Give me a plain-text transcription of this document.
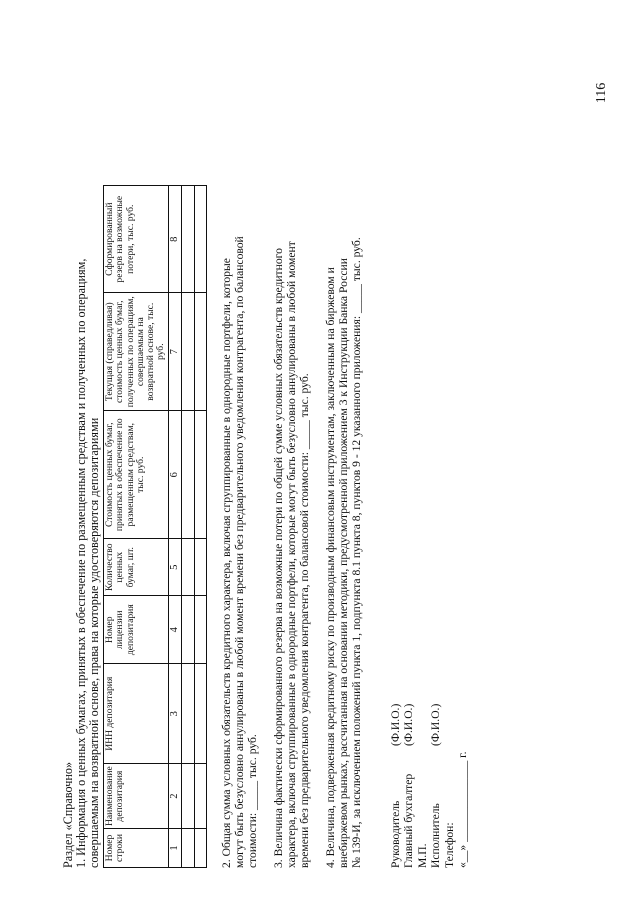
116
Раздел «Справочно» 1. Информация о ценных бумагах, принятых в обеспечение по размещенным средствам и полученных по операциям, совершаемым на возвратной основе, права на которые удостоверяются депозитариями Номер строки	Наименование депозитария	ИНН депозитария	Номер лицензии депозитария	Количество ценных бумаг, шт.	Стоимость ценных бумаг, принятых в обеспечение по размещенным средствам, тыс. руб.	Текущая (справедливая) стоимость ценных бумаг, полученных по операциям, совершаемым на возвратной основе, тыс. руб.	Сформированный резерв на возможные потери, тыс. руб.
1	2	3	4	5	6	7	8

2. Общая сумма условных обязательств кредитного характера, включая сгруппированные в однородные портфели, которые могут быть безусловно аннулированы в любой момент времени без предварительного уведомления контрагента, по балансовой стоимости: _____ тыс. руб. 3. Величина фактически сформированного резерва на возможные потери по общей сумме условных обязательств кредитного характера, включая сгруппированные в однородные портфели, которые могут быть безусловно аннулированы в любой момент времени без предварительного уведомления контрагента, по балансовой стоимости: _____ тыс. руб. 4. Величина, подверженная кредитному риску по производным финансовым инструментам, заключенным на биржевом и внебиржевом рынках, рассчитанная на основании методики, предусмотренной приложением 3 к Инструкции Банка России № 139-И, за исключением положений пункта 1, подпункта 8.1 пункта 8, пунктов 9 - 12 указанного приложения: _____ тыс. руб. Руководитель
(Ф.И.О.)
Главный бухгалтер
(Ф.И.О.)
М.П. Исполнитель
(Ф.И.О.)
Телефон: «__» ______________ г.
